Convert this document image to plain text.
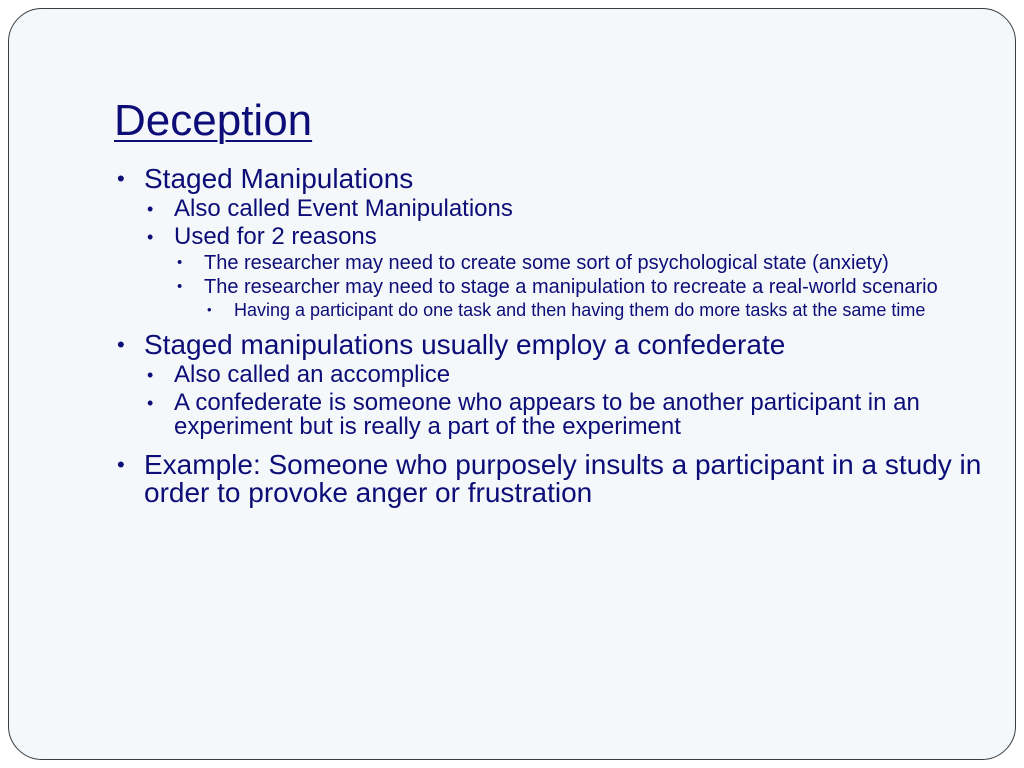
Deception
• Staged Manipulations
• Also called Event Manipulations
• Used for 2 reasons
• The researcher may need to create some sort of psychological state (anxiety)
• The researcher may need to stage a manipulation to recreate a real-world scenario
• Having a participant do one task and then having them do more tasks at the same time
• Staged manipulations usually employ a confederate
• Also called an accomplice
• A confederate is someone who appears to be another participant in an experiment but is really a part of the experiment
• Example: Someone who purposely insults a participant in a study in order to provoke anger or frustration
